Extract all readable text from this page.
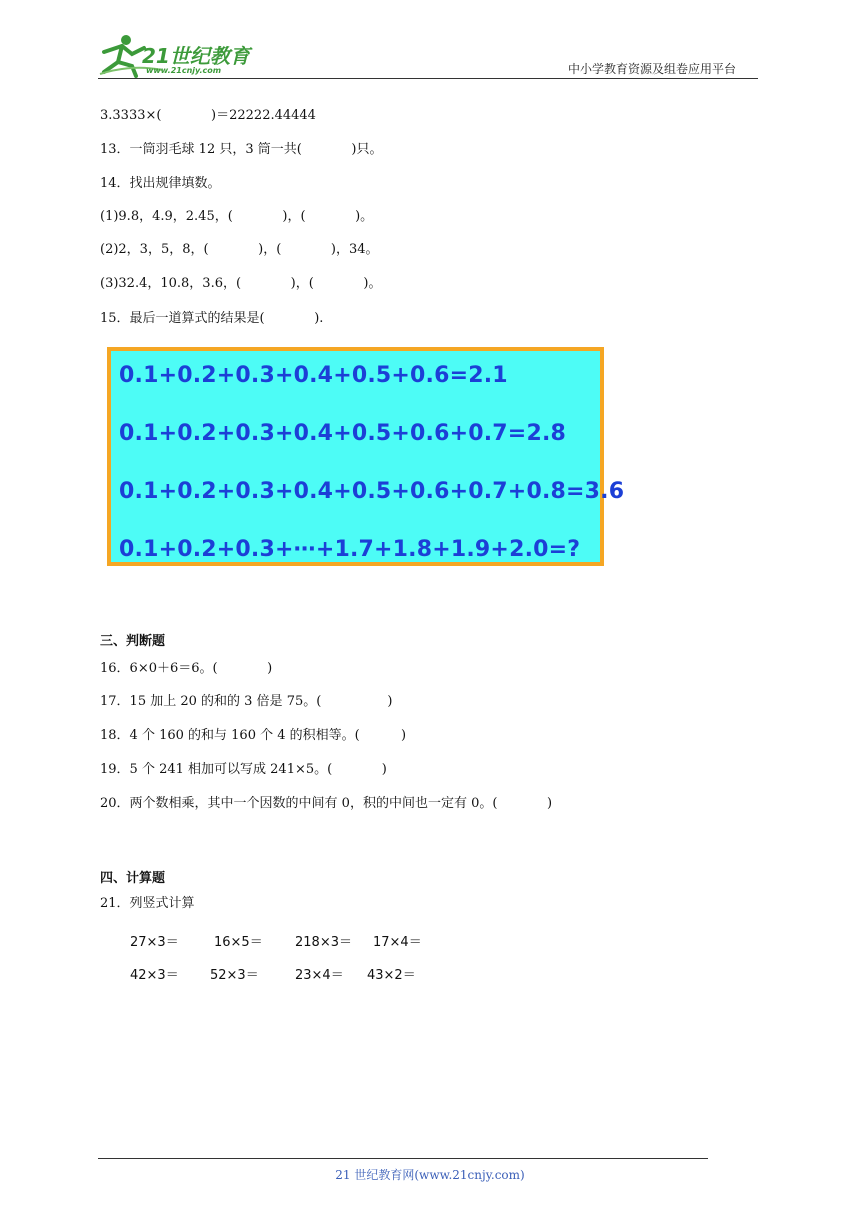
21世纪教育
www.21cnjy.com	中小学教育资源及组卷应用平台
3.3333×(            )＝22222.44444
13．一筒羽毛球 12 只，3 筒一共(            )只。
14．找出规律填数。
(1)9.8，4.9，2.45，(            )，(            )。
(2)2，3，5，8，(            )，(            )，34。
(3)32.4，10.8，3.6，(            )，(            )。
15．最后一道算式的结果是(            ).
0.1+0.2+0.3+0.4+0.5+0.6=2.1
0.1+0.2+0.3+0.4+0.5+0.6+0.7=2.8
0.1+0.2+0.3+0.4+0.5+0.6+0.7+0.8=3.6
0.1+0.2+0.3+⋯+1.7+1.8+1.9+2.0=?
三、判断题
16．6×0＋6＝6。(            )
17．15 加上 20 的和的 3 倍是 75。(                )
18．4 个 160 的和与 160 个 4 的积相等。(          )
19．5 个 241 相加可以写成 241×5。(            )
20．两个数相乘，其中一个因数的中间有 0，积的中间也一定有 0。(            )
四、计算题
21．列竖式计算
27×3＝	16×5＝ 218×3＝ 17×4＝
42×3＝ 52×3＝	23×4＝ 43×2＝
21 世纪教育网(www.21cnjy.com)
